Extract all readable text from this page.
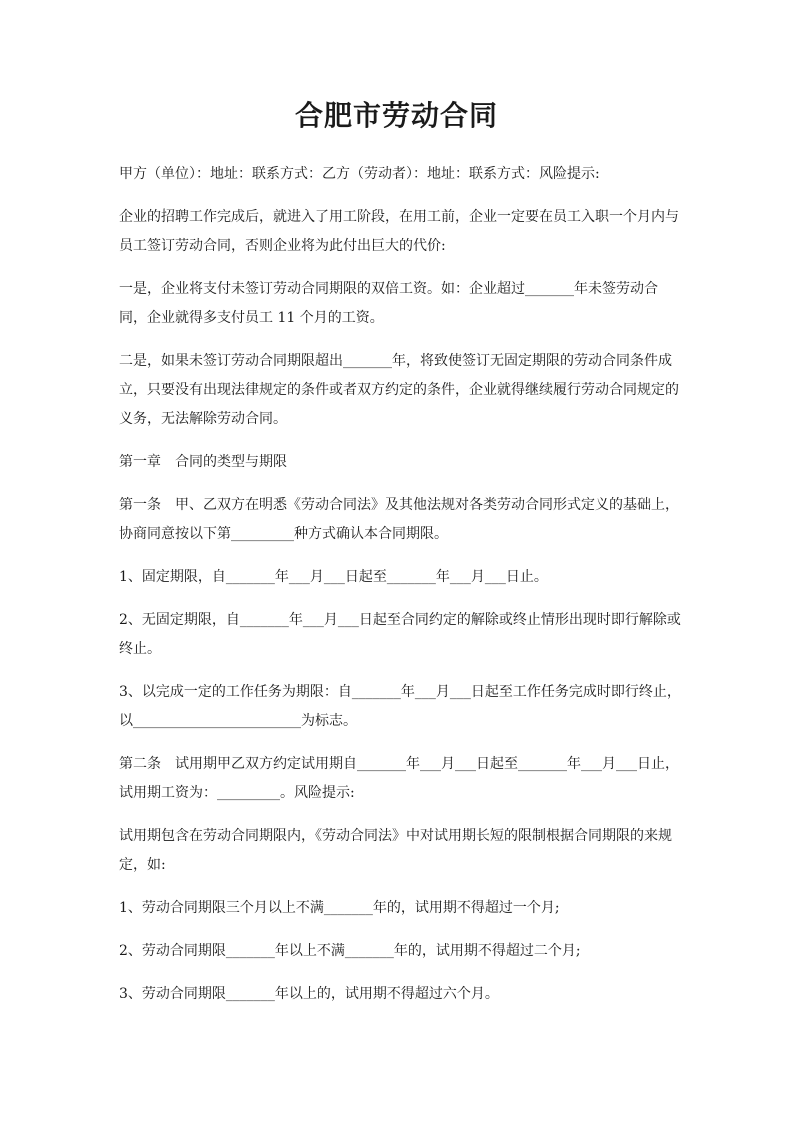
合肥市劳动合同

甲方（单位）：地址：联系方式：乙方（劳动者）：地址：联系方式：风险提示:

企业的招聘工作完成后，就进入了用工阶段，在用工前，企业一定要在员工入职一个月内与员工签订劳动合同，否则企业将为此付出巨大的代价:

一是，企业将支付未签订劳动合同期限的双倍工资。如：企业超过_______年未签劳动合同，企业就得多支付员工 11 个月的工资。

二是，如果未签订劳动合同期限超出_______年，将致使签订无固定期限的劳动合同条件成立，只要没有出现法律规定的条件或者双方约定的条件，企业就得继续履行劳动合同规定的义务，无法解除劳动合同。

第一章　合同的类型与期限

第一条　甲、乙双方在明悉《劳动合同法》及其他法规对各类劳动合同形式定义的基础上，协商同意按以下第_________种方式确认本合同期限。

1、固定期限，自_______年___月___日起至_______年___月___日止。

2、无固定期限，自_______年___月___日起至合同约定的解除或终止情形出现时即行解除或终止。

3、以完成一定的工作任务为期限：自_______年___月___日起至工作任务完成时即行终止，以________________________为标志。

第二条　试用期甲乙双方约定试用期自_______年___月___日起至_______年___月___日止，试用期工资为：_________。风险提示:

试用期包含在劳动合同期限内，《劳动合同法》中对试用期长短的限制根据合同期限的来规定，如:

1、劳动合同期限三个月以上不满_______年的，试用期不得超过一个月;

2、劳动合同期限_______年以上不满_______年的，试用期不得超过二个月;

3、劳动合同期限_______年以上的，试用期不得超过六个月。
